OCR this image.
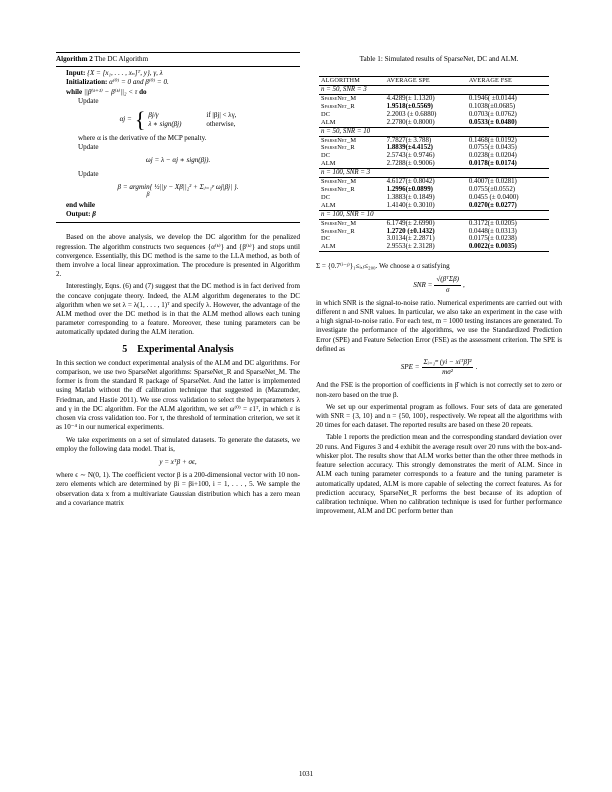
Algorithm 2 The DC Algorithm
Input: {X = [x₁, . . . , xₙ]ᵀ, y}, γ, λ
Initialization: α⁽⁰⁾ = 0 and β⁽⁰⁾ = 0.
while ||β⁽ᵏ⁺¹⁾ − β⁽ᵏ⁾||₂ < τ do
Update
αj = { βj/γ	if |βj| < λγ,
λ ∗ sign(βj)	otherwise,
where α is the derivative of the MCP penalty.
Update
ωj = λ − αj ∗ sign(βj).
Update
β = argmin{ ½||y − Xβ||₂² + Σⱼ₌₁ᵖ ωj|βj| }.
β
end while
Output: β

Based on the above analysis, we develop the DC algorithm for the penalized regression. The algorithm constructs two sequences {α⁽ᵏ⁾} and {β⁽ᵏ⁾} and stops until convergence. Essentially, this DC method is the same to the LLA method, as both of them involve a local linear approximation. The procedure is presented in Algorithm 2.

Interestingly, Eqns. (6) and (7) suggest that the DC method is in fact derived from the concave conjugate theory. Indeed, the ALM algorithm degenerates to the DC algorithm when we set λ = λ(1, . . . , 1)ᵀ and specify λ. However, the advantage of the ALM method over the DC method is in that the ALM method allows each tuning parameter corresponding to a feature. Moreover, these tuning parameters can be automatically updated during the ALM iteration.

5 Experimental Analysis

In this section we conduct experimental analysis of the ALM and DC algorithms. For comparison, we use two SparseNet algorithms: SparseNet_R and SparseNet_M. The former is from the standard R package of SparseNet. And the latter is implemented using Matlab without the df calibration technique that suggested in (Mazumder, Friedman, and Hastie 2011). We use cross validation to select the hyperparameters λ and γ in the DC algorithm. For the ALM algorithm, we set ω⁽⁰⁾ = ε1ᵀ, in which ε is chosen via cross validation too. For τ, the threshold of termination criterion, we set it as 10⁻⁴ in our numerical experiments.

We take experiments on a set of simulated datasets. To generate the datasets, we employ the following data model. That is,

y = xᵀβ + σϵ,

where ϵ ∼ N(0, 1). The coefficient vector β is a 200-dimensional vector with 10 non-zero elements which are determined by βi = βi+100, i = 1, . . . , 5. We sample the observation data x from a multivariate Gaussian distribution which has a zero mean and a covariance matrix

Table 1: Simulated results of SparseNet, DC and ALM.
ALGORITHM	AVERAGE SPE	AVERAGE FSE
n = 50, SNR = 3		
SparseNet_M	4.4289(± 1.1320)	0.1946( ±0.0144)
SparseNet_R	1.9518(±0.5569)	0.1038(±0.0685)
DC	2.2003 (± 0.6880)	0.0703(± 0.0762)
ALM	2.2780(± 0.8000)	0.0533(± 0.0480)
n = 50, SNR = 10		
SparseNet_M	7.7827(± 3.788)	0.1468(± 0.0192)
SparseNet_R	1.8839(±4.4152)	0.0755(± 0.0435)
DC	2.5743(± 0.9746)	0.0238(± 0.0204)
ALM	2.7288(± 0.9006)	0.0178(± 0.0174)
n = 100, SNR = 3		
SparseNet_M	4.6127(± 0.8042)	0.4007(± 0.0281)
SparseNet_R	1.2996(±0.0899)	0.0755(±0.0552)
DC	1.3883(± 0.1849)	0.0455 (± 0.0400)
ALM	1.4140(± 0.3010)	0.0270(± 0.0277)
n = 100, SNR = 10		
SparseNet_M	6.1749(± 2.6990)	0.3172(± 0.0205)
SparseNet_R	1.2720 (±0.1432)	0.0448(± 0.0313)
DC	3.0134(± 2.2871)	0.0175(± 0.0238)
ALM	2.9553(± 2.3128)	0.0022(± 0.0035)

Σ = {0.7⁽ⁱ⁻ʲ⁾}₁≤ᵢ,ⱼ≤₂₀₀. We choose a σ satisfying

SNR = $\frac{\text{√(βᵀΣβ)}}{\sigma}$ ,

in which SNR is the signal-to-noise ratio. Numerical experiments are carried out with different n and SNR values. In particular, we also take an experiment in the case with a high signal-to-noise ratio. For each test, m = 1000 testing instances are generated. To investigate the performance of the algorithms, we use the Standardized Prediction Error (SPE) and Feature Selection Error (FSE) as the assessment criterion. The SPE is defined as

SPE = $\frac{\text{Σᵢ₌₁ᵐ (yi − xiᵀβ̂)²}}{\text{mσ²}}$ .

And the FSE is the proportion of coefficients in β̂ which is not correctly set to zero or non-zero based on the true β.

We set up our experimental program as follows. Four sets of data are generated with SNR = {3, 10} and n = {50, 100}, respectively. We repeat all the algorithms with 20 times for each dataset. The reported results are based on these 20 repeats.

Table 1 reports the prediction mean and the corresponding standard deviation over 20 runs. And Figures 3 and 4 exhibit the average result over 20 runs with the box-and-whisker plot. The results show that ALM works better than the other three methods in feature selection accuracy. This strongly demonstrates the merit of ALM. Since in ALM each tuning parameter corresponds to a feature and the tuning parameter is automatically updated, ALM is more capable of selecting the correct features. As for prediction accuracy, SparseNet_R performs the best because of its adoption of calibration technique. When no calibration technique is used for further performance improvement, ALM and DC perform better than

1031
